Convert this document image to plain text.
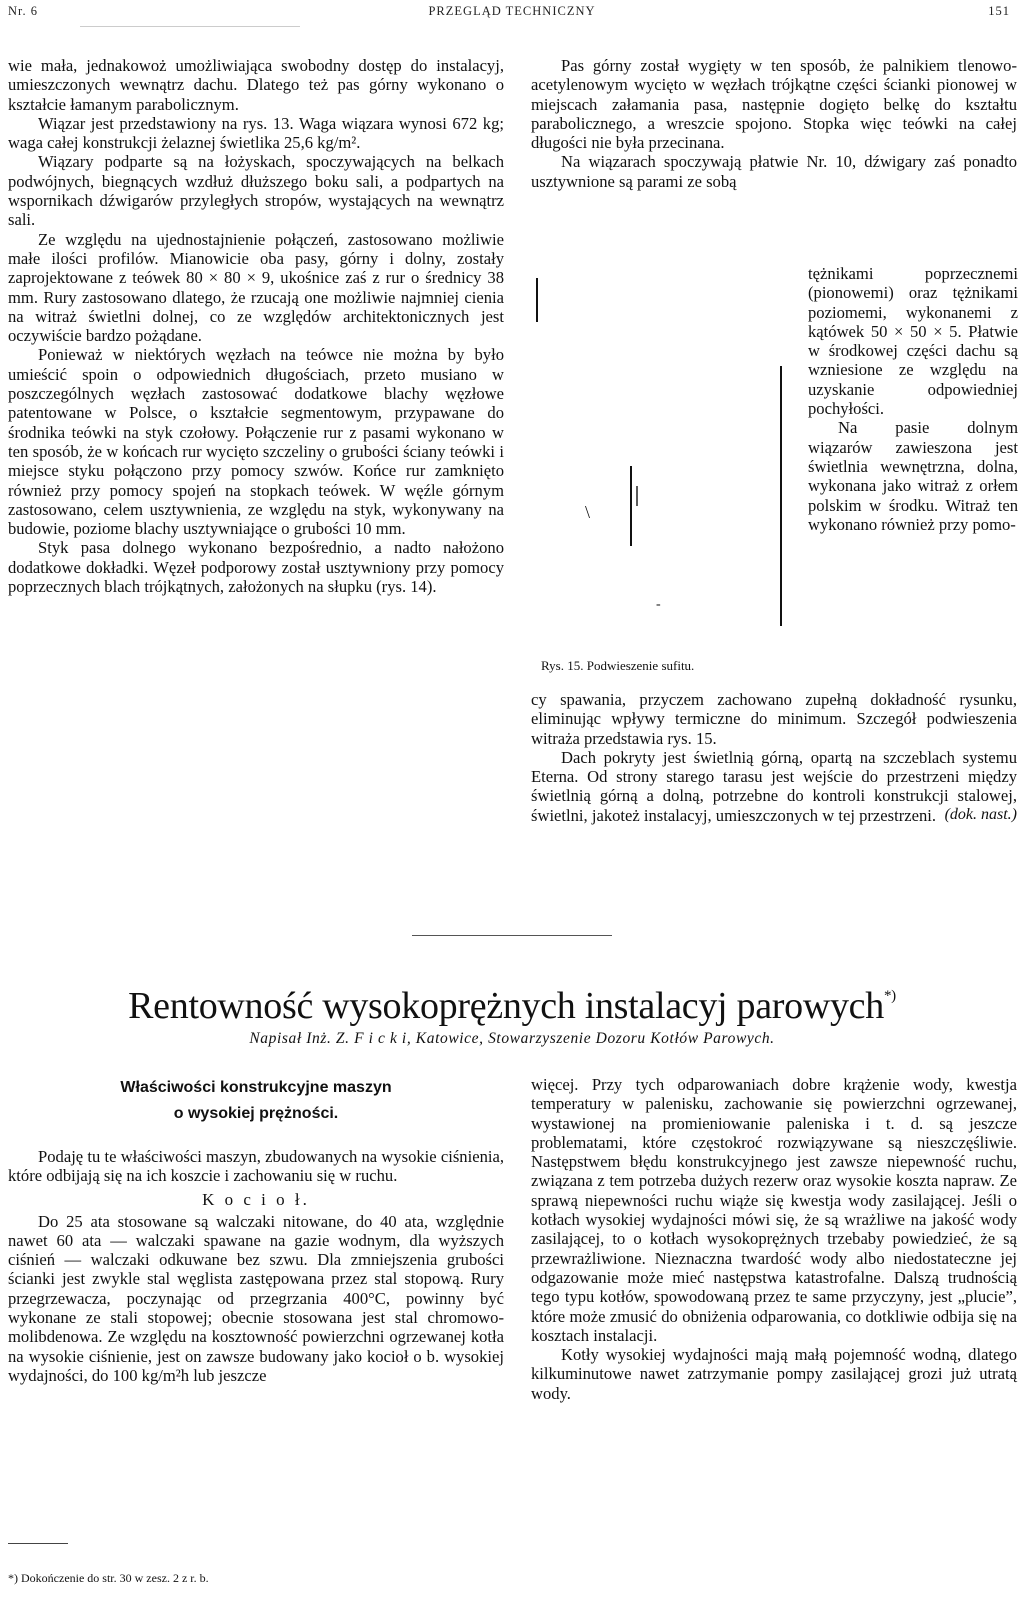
Nr. 6	PRZEGLĄD TECHNICZNY	151

wie mała, jednakowoż umożliwiająca swobodny dostęp do instalacyj, umieszczonych wewnątrz dachu. Dlatego też pas górny wykonano o kształcie łamanym parabolicznym.

Wiązar jest przedstawiony na rys. 13. Waga wiązara wynosi 672 kg; waga całej konstrukcji żelaznej świetlika 25,6 kg/m².

Wiązary podparte są na łożyskach, spoczywających na belkach podwójnych, biegnących wzdłuż dłuższego boku sali, a podpartych na wspornikach dźwigarów przyległych stropów, wystających na wewnątrz sali.

Ze względu na ujednostajnienie połączeń, zastosowano możliwie małe ilości profilów. Mianowicie oba pasy, górny i dolny, zostały zaprojektowane z teówek 80 × 80 × 9, ukośnice zaś z rur o średnicy 38 mm. Rury zastosowano dlatego, że rzucają one możliwie najmniej cienia na witraż świetlni dolnej, co ze względów architektonicznych jest oczywiście bardzo pożądane.

Ponieważ w niektórych węzłach na teówce nie można by było umieścić spoin o odpowiednich długościach, przeto musiano w poszczególnych węzłach zastosować dodatkowe blachy węzłowe patentowane w Polsce, o kształcie segmentowym, przypawane do środnika teówki na styk czołowy. Połączenie rur z pasami wykonano w ten sposób, że w końcach rur wycięto szczeliny o grubości ściany teówki i miejsce styku połączono przy pomocy szwów. Końce rur zamknięto również przy pomocy spojeń na stopkach teówek. W węźle górnym zastosowano, celem usztywnienia, ze względu na styk, wykonywany na budowie, poziome blachy usztywniające o grubości 10 mm.

Styk pasa dolnego wykonano bezpośrednio, a nadto nałożono dodatkowe dokładki. Węzeł podporowy został usztywniony przy pomocy poprzecznych blach trójkątnych, założonych na słupku (rys. 14).

Pas górny został wygięty w ten sposób, że palnikiem tlenowo-acetylenowym wycięto w węzłach trójkątne części ścianki pionowej w miejscach załamania pasa, następnie dogięto belkę do kształtu parabolicznego, a wreszcie spojono. Stopka więc teówki na całej długości nie była przecinana.

Na wiązarach spoczywają płatwie Nr. 10, dźwigary zaś ponadto usztywnione są parami ze sobą

\
-
Rys. 15. Podwieszenie sufitu.

tężnikami poprzecznemi (pionowemi) oraz tężnikami poziomemi, wykonanemi z kątówek 50 × 50 × 5. Płatwie w środkowej części dachu są wzniesione ze względu na uzyskanie odpowiedniej pochyłości.

Na pasie dolnym wiązarów zawieszona jest świetlnia wewnętrzna, dolna, wykonana jako witraż z orłem polskim w środku. Witraż ten wykonano również przy pomo-

cy spawania, przyczem zachowano zupełną dokładność rysunku, eliminując wpływy termiczne do minimum. Szczegół podwieszenia witraża przedstawia rys. 15.

Dach pokryty jest świetlnią górną, opartą na szczeblach systemu Eterna. Od strony starego tarasu jest wejście do przestrzeni między świetlnią górną a dolną, potrzebne do kontroli konstrukcji stalowej, świetlni, jakoteż instalacyj, umieszczonych w tej przestrzeni. (dok. nast.)
Rentowność wysokoprężnych instalacyj parowych*)
Napisał Inż. Z. F i c k i, Katowice, Stowarzyszenie Dozoru Kotłów Parowych.

Właściwości konstrukcyjne maszyn

o wysokiej prężności.

Podaję tu te właściwości maszyn, zbudowanych na wysokie ciśnienia, które odbijają się na ich koszcie i zachowaniu się w ruchu.

K o c i o ł.

Do 25 ata stosowane są walczaki nitowane, do 40 ata, względnie nawet 60 ata — walczaki spawane na gazie wodnym, dla wyższych ciśnień — walczaki odkuwane bez szwu. Dla zmniejszenia grubości ścianki jest zwykle stal węglista zastępowana przez stal stopową. Rury przegrzewacza, poczynając od przegrzania 400°C, powinny być wykonane ze stali stopowej; obecnie stosowana jest stal chromowo-molibdenowa. Ze względu na kosztowność powierzchni ogrzewanej kotła na wysokie ciśnienie, jest on zawsze budowany jako kocioł o b. wysokiej wydajności, do 100 kg/m²h lub jeszcze

więcej. Przy tych odparowaniach dobre krążenie wody, kwestja temperatury w palenisku, zachowanie się powierzchni ogrzewanej, wystawionej na promieniowanie paleniska i t. d. są jeszcze problematami, które częstokroć rozwiązywane są nieszczęśliwie. Następstwem błędu konstrukcyjnego jest zawsze niepewność ruchu, związana z tem potrzeba dużych rezerw oraz wysokie koszta napraw. Ze sprawą niepewności ruchu wiąże się kwestja wody zasilającej. Jeśli o kotłach wysokiej wydajności mówi się, że są wrażliwe na jakość wody zasilającej, to o kotłach wysokoprężnych trzebaby powiedzieć, że są przewrażliwione. Nieznaczna twardość wody albo niedostateczne jej odgazowanie może mieć następstwa katastrofalne. Dalszą trudnością tego typu kotłów, spowodowaną przez te same przyczyny, jest „plucie”, które może zmusić do obniżenia odparowania, co dotkliwie odbija się na kosztach instalacji.

Kotły wysokiej wydajności mają małą pojemność wodną, dlatego kilkuminutowe nawet zatrzymanie pompy zasilającej grozi już utratą wody.

*) Dokończenie do str. 30 w zesz. 2 z r. b.
